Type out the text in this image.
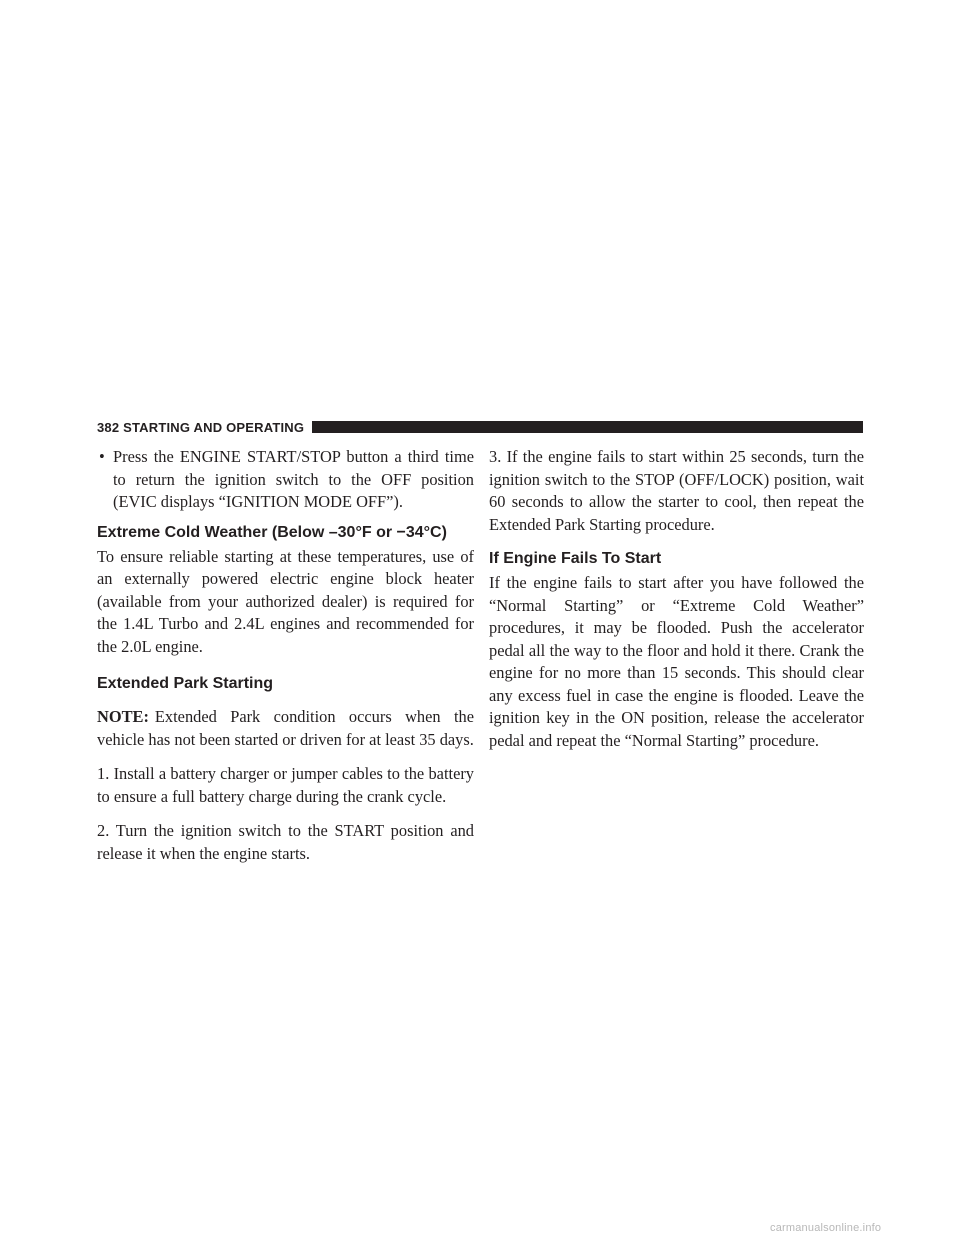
382 STARTING AND OPERATING

• Press the ENGINE START/STOP button a third time to return the ignition switch to the OFF position (EVIC displays “IGNITION MODE OFF”).

Extreme Cold Weather (Below –30°F or −34°C)

To ensure reliable starting at these temperatures, use of an externally powered electric engine block heater (available from your authorized dealer) is required for the 1.4L Turbo and 2.4L engines and recommended for the 2.0L engine.

Extended Park Starting

NOTE: Extended Park condition occurs when the vehicle has not been started or driven for at least 35 days.

1. Install a battery charger or jumper cables to the battery to ensure a full battery charge during the crank cycle.

2. Turn the ignition switch to the START position and release it when the engine starts.

3. If the engine fails to start within 25 seconds, turn the ignition switch to the STOP (OFF/LOCK) position, wait 60 seconds to allow the starter to cool, then repeat the Extended Park Starting procedure.

If Engine Fails To Start

If the engine fails to start after you have followed the “Normal Starting” or “Extreme Cold Weather” procedures, it may be flooded. Push the accelerator pedal all the way to the floor and hold it there. Crank the engine for no more than 15 seconds. This should clear any excess fuel in case the engine is flooded. Leave the ignition key in the ON position, release the accelerator pedal and repeat the “Normal Starting” procedure.

carmanualsonline.info
